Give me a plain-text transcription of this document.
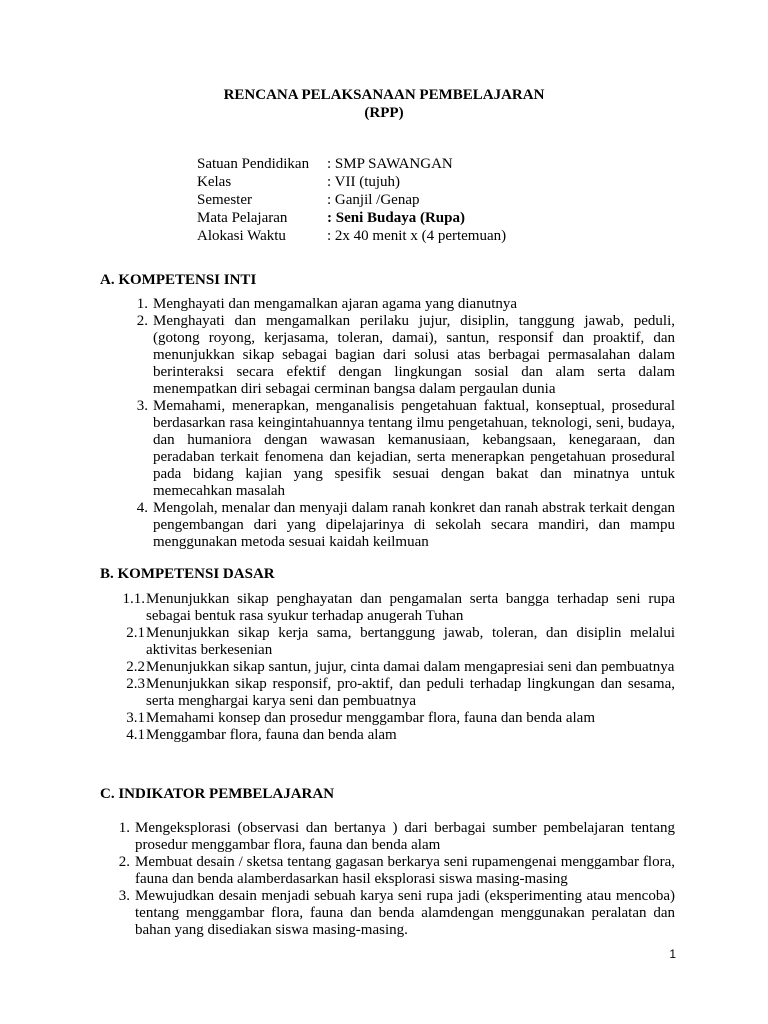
RENCANA PELAKSANAAN PEMBELAJARAN
(RPP)
Satuan Pendidikan	: SMP SAWANGAN
Kelas	: VII (tujuh)
Semester	: Ganjil /Genap
Mata Pelajaran	: Seni Budaya (Rupa)
Alokasi Waktu	: 2x 40 menit x (4 pertemuan)
A. KOMPETENSI INTI
1. Menghayati dan mengamalkan ajaran agama yang dianutnya
2. Menghayati dan mengamalkan perilaku jujur, disiplin, tanggung jawab, peduli, (gotong royong, kerjasama, toleran, damai), santun, responsif dan proaktif, dan menunjukkan sikap sebagai bagian dari solusi atas berbagai permasalahan dalam berinteraksi secara efektif dengan lingkungan sosial dan alam serta dalam menempatkan diri sebagai cerminan bangsa dalam pergaulan dunia
3. Memahami, menerapkan, menganalisis pengetahuan faktual, konseptual, prosedural berdasarkan rasa keingintahuannya tentang ilmu pengetahuan, teknologi, seni, budaya, dan humaniora dengan wawasan kemanusiaan, kebangsaan, kenegaraan, dan peradaban terkait fenomena dan kejadian, serta menerapkan pengetahuan prosedural pada bidang kajian yang spesifik sesuai dengan bakat dan minatnya untuk memecahkan masalah
4. Mengolah, menalar dan menyaji dalam ranah konkret dan ranah abstrak terkait dengan pengembangan dari yang dipelajarinya di sekolah secara mandiri, dan mampu menggunakan metoda sesuai kaidah keilmuan
B. KOMPETENSI DASAR
1.1. Menunjukkan sikap penghayatan dan pengamalan serta bangga terhadap seni rupa sebagai bentuk rasa syukur terhadap anugerah Tuhan
2.1 Menunjukkan sikap kerja sama, bertanggung jawab, toleran, dan disiplin melalui aktivitas berkesenian
2.2 Menunjukkan sikap santun, jujur, cinta damai dalam mengapresiai seni dan pembuatnya
2.3 Menunjukkan sikap responsif, pro-aktif, dan peduli terhadap lingkungan dan sesama, serta menghargai karya seni dan pembuatnya
3.1 Memahami konsep dan prosedur menggambar flora, fauna dan benda alam
4.1 Menggambar flora, fauna dan benda alam
C. INDIKATOR PEMBELAJARAN
1. Mengeksplorasi (observasi dan bertanya ) dari berbagai sumber pembelajaran tentang prosedur menggambar flora, fauna dan benda alam
2. Membuat desain / sketsa tentang gagasan berkarya seni rupamengenai menggambar flora, fauna dan benda alamberdasarkan hasil eksplorasi siswa masing-masing
3. Mewujudkan desain menjadi sebuah karya seni rupa jadi (eksperimenting atau mencoba) tentang menggambar flora, fauna dan benda alamdengan menggunakan peralatan dan bahan yang disediakan siswa masing-masing.
1
